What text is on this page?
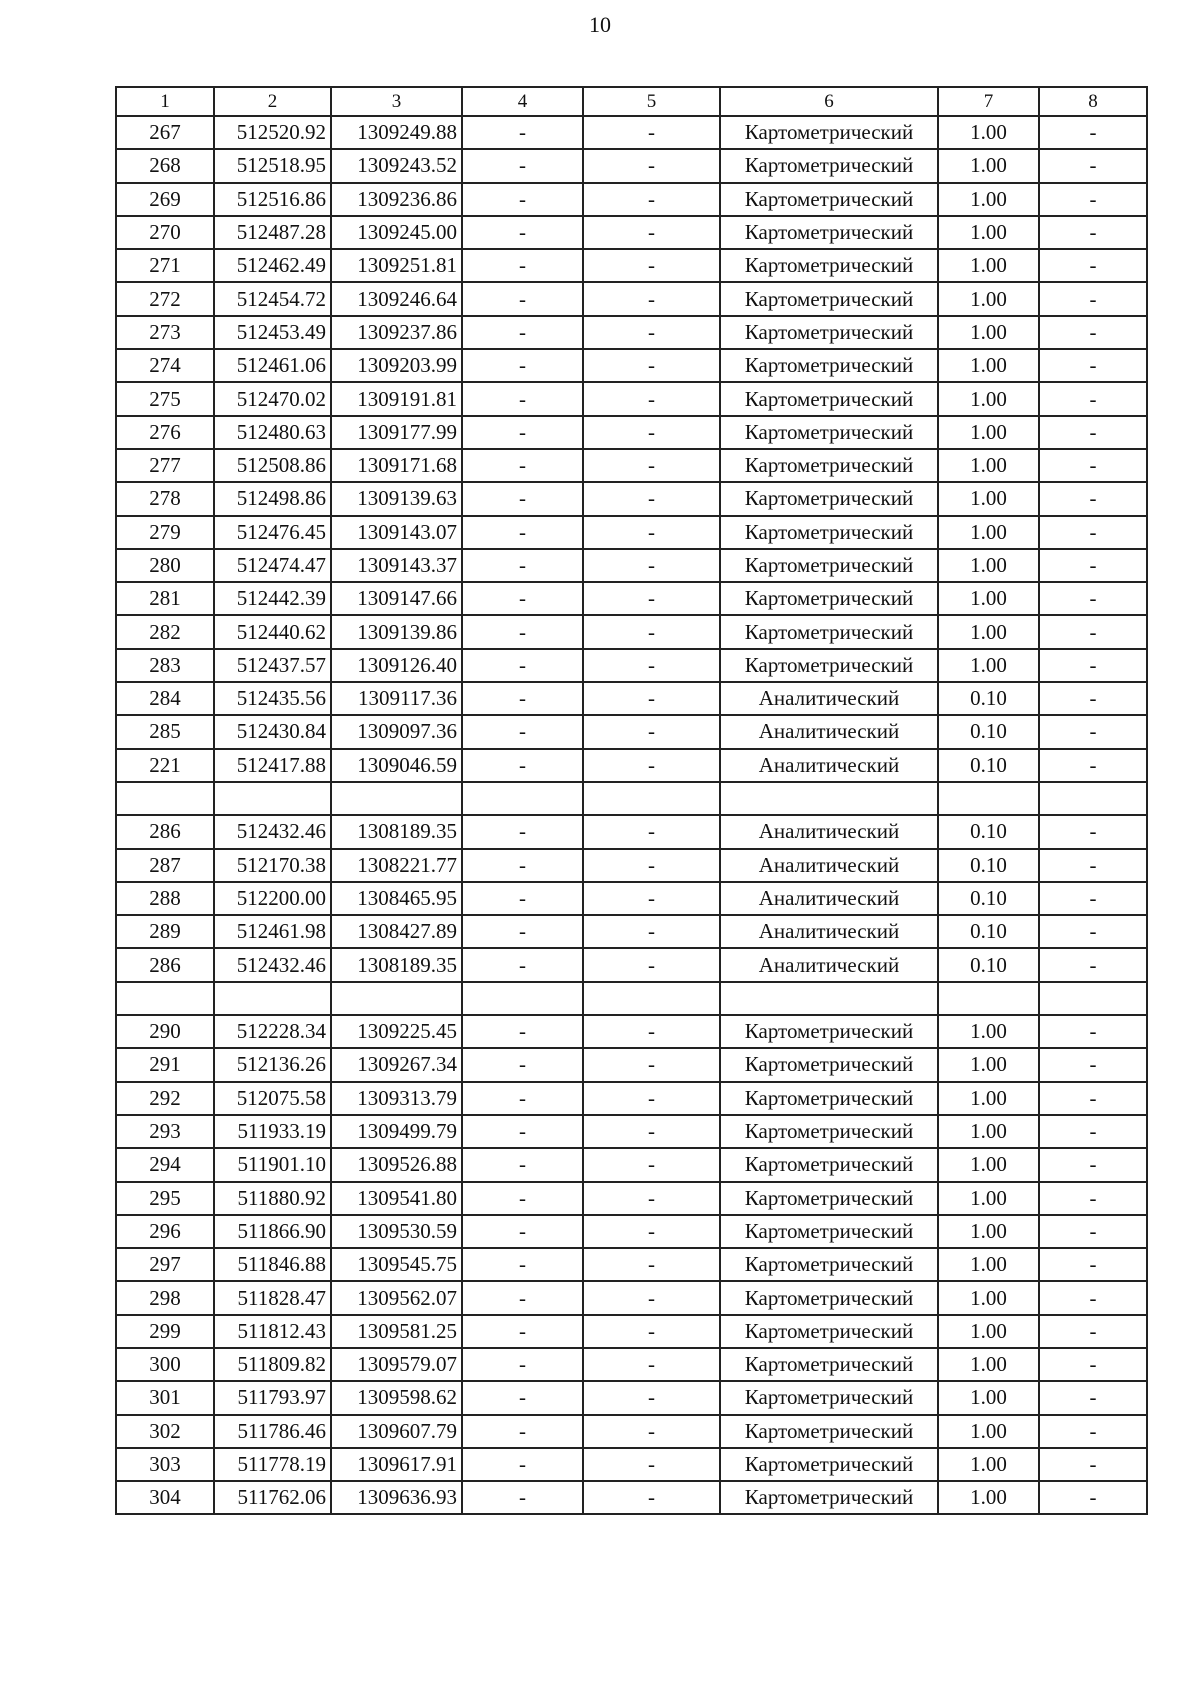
10
1	2	3	4	5	6	7	8
267	512520.92	1309249.88	-	-	Картометрический	1.00	-
268	512518.95	1309243.52	-	-	Картометрический	1.00	-
269	512516.86	1309236.86	-	-	Картометрический	1.00	-
270	512487.28	1309245.00	-	-	Картометрический	1.00	-
271	512462.49	1309251.81	-	-	Картометрический	1.00	-
272	512454.72	1309246.64	-	-	Картометрический	1.00	-
273	512453.49	1309237.86	-	-	Картометрический	1.00	-
274	512461.06	1309203.99	-	-	Картометрический	1.00	-
275	512470.02	1309191.81	-	-	Картометрический	1.00	-
276	512480.63	1309177.99	-	-	Картометрический	1.00	-
277	512508.86	1309171.68	-	-	Картометрический	1.00	-
278	512498.86	1309139.63	-	-	Картометрический	1.00	-
279	512476.45	1309143.07	-	-	Картометрический	1.00	-
280	512474.47	1309143.37	-	-	Картометрический	1.00	-
281	512442.39	1309147.66	-	-	Картометрический	1.00	-
282	512440.62	1309139.86	-	-	Картометрический	1.00	-
283	512437.57	1309126.40	-	-	Картометрический	1.00	-
284	512435.56	1309117.36	-	-	Аналитический	0.10	-
285	512430.84	1309097.36	-	-	Аналитический	0.10	-
221	512417.88	1309046.59	-	-	Аналитический	0.10	-

286	512432.46	1308189.35	-	-	Аналитический	0.10	-
287	512170.38	1308221.77	-	-	Аналитический	0.10	-
288	512200.00	1308465.95	-	-	Аналитический	0.10	-
289	512461.98	1308427.89	-	-	Аналитический	0.10	-
286	512432.46	1308189.35	-	-	Аналитический	0.10	-

290	512228.34	1309225.45	-	-	Картометрический	1.00	-
291	512136.26	1309267.34	-	-	Картометрический	1.00	-
292	512075.58	1309313.79	-	-	Картометрический	1.00	-
293	511933.19	1309499.79	-	-	Картометрический	1.00	-
294	511901.10	1309526.88	-	-	Картометрический	1.00	-
295	511880.92	1309541.80	-	-	Картометрический	1.00	-
296	511866.90	1309530.59	-	-	Картометрический	1.00	-
297	511846.88	1309545.75	-	-	Картометрический	1.00	-
298	511828.47	1309562.07	-	-	Картометрический	1.00	-
299	511812.43	1309581.25	-	-	Картометрический	1.00	-
300	511809.82	1309579.07	-	-	Картометрический	1.00	-
301	511793.97	1309598.62	-	-	Картометрический	1.00	-
302	511786.46	1309607.79	-	-	Картометрический	1.00	-
303	511778.19	1309617.91	-	-	Картометрический	1.00	-
304	511762.06	1309636.93	-	-	Картометрический	1.00	-
